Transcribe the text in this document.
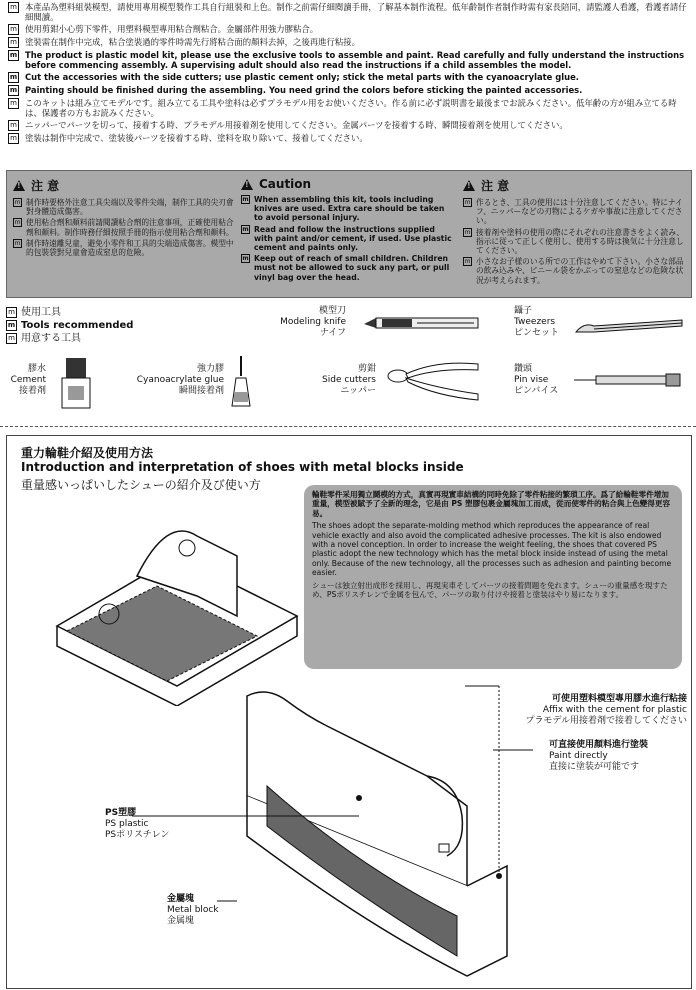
m 本產品為塑料組裝模型，請使用專用模型製作工具自行組裝和上色。制作之前需仔細閱讀手冊，了解基本制作流程。低年齡制作者制作時需有家長陪同，請監護人看護，看護者請仔細閱讀。
m 使用剪鉗小心剪下零件，用塑料模型專用粘合劑粘合。金屬部件用強力膠粘合。
m 塗裝需在制作中完成，粘合塗裝過的零件時需先行將粘合面的顏料去掉，之後再進行粘接。
m The product is plastic model kit, please use the exclusive tools to assemble and paint. Read carefully and fully understand the instructions before commencing assembly. A supervising adult should also read the instructions if a child assembles the model.
m Cut the accessories with the side cutters; use plastic cement only; stick the metal parts with the cyanoacrylate glue.
m Painting should be finished during the assembling. You need grind the colors before sticking the painted accessories.
m このキットは組み立てモデルです。組み立てる工具や塗料は必ずプラモデル用をお使いください。作る前に必ず説明書を最後までお読みください。低年齢の方が組み立てる時は、保護者の方もお読みください。
m ニッパーでパーツを切って、接着する時、プラモデル用接着剤を使用してください。金属パーツを接着する時、瞬間接着剤を使用してください。
m 塗装は制作中完成で、塗装後パーツを接着する時、塗料を取り除いて、接着してください。
! 注 意
m 制作時要格外注意工具尖端以及零件尖端，制作工具的尖刃會對身體造成傷害。
m 使用粘合劑和顏料前請閱讀粘合劑的注意事項，正確使用粘合劑和顏料。制作時務仔細按照手冊的指示使用粘合劑和顏料。
m 制作時遠離兒童，避免小零件和工具的尖端造成傷害。模型中的包裝袋對兒童會造成窒息的危險。
! Caution
m When assembling this kit, tools including knives are used. Extra care should be taken to avoid personal injury.
m Read and follow the instructions supplied with paint and/or cement, if used. Use plastic cement and paints only.
m Keep out of reach of small children. Children must not be allowed to suck any part, or pull vinyl bag over the head.
! 注 意
m 作るとき、工具の使用には十分注意してください。特にナイフ、ニッパーなどの刃物によるケガや事故に注意してください。
m 接着剤や塗料の使用の際にそれぞれの注意書きをよく読み、指示に従って正しく使用し、使用する時は換気に十分注意してください。
m 小さなお子様のいる所での工作はやめて下さい。小さな部品の飲み込みや、ビニール袋をかぶっての窒息などの危険な状況が考えられます。
m 使用工具
m Tools recommended
m 用意する工具
模型刀
Modeling knife
ナイフ
鑷子
Tweezers
ピンセット
膠水
Cement
接着剤
強力膠
Cyanoacrylate glue
瞬間接着剤
剪鉗
Side cutters
ニッパー
鑽頭
Pin vise
ピンバイス
重力輪鞋介紹及使用方法
Introduction and interpretation of shoes with metal blocks inside
重量感いっぱいしたシューの紹介及び使い方

輪鞋零件采用獨立鬪模的方式，真實再現實車結構的同時免除了零件粘接的繁瑣工序。爲了給輪鞋零件增加重量，模型被賦予了全新的理念，它是由 PS 塑膠包裹金屬塊加工而成，從而使零件的粘合與上色變得更容易。

The shoes adopt the separate-molding method which reproduces the appearance of real vehicle exactly and also avoid the complicated adhesive processes. The kit is also endowed with a novel conception. In order to increase the weight feeling, the shoes that covered PS plastic adopt the new technology which has the metal block inside instead of using the metal only. Because of the new technology, all the processes such as adhesion and painting become easier.

シューは独立射出成形を採用し、再現実車そしてパーツの接着問題を免れます。シューの重量感を現すため、PSポリスチレンで金属を包んで、パーツの取り付けや接着と塗装はやり易になります。

可使用塑料模型專用膠水進行粘接
Affix with the cement for plastic
プラモデル用接着剤で接着してください
可直接使用顏料進行塗裝
Paint directly
直接に塗装が可能です
PS塑膠
PS plastic
PSポリスチレン
金屬塊
Metal block
金属塊
